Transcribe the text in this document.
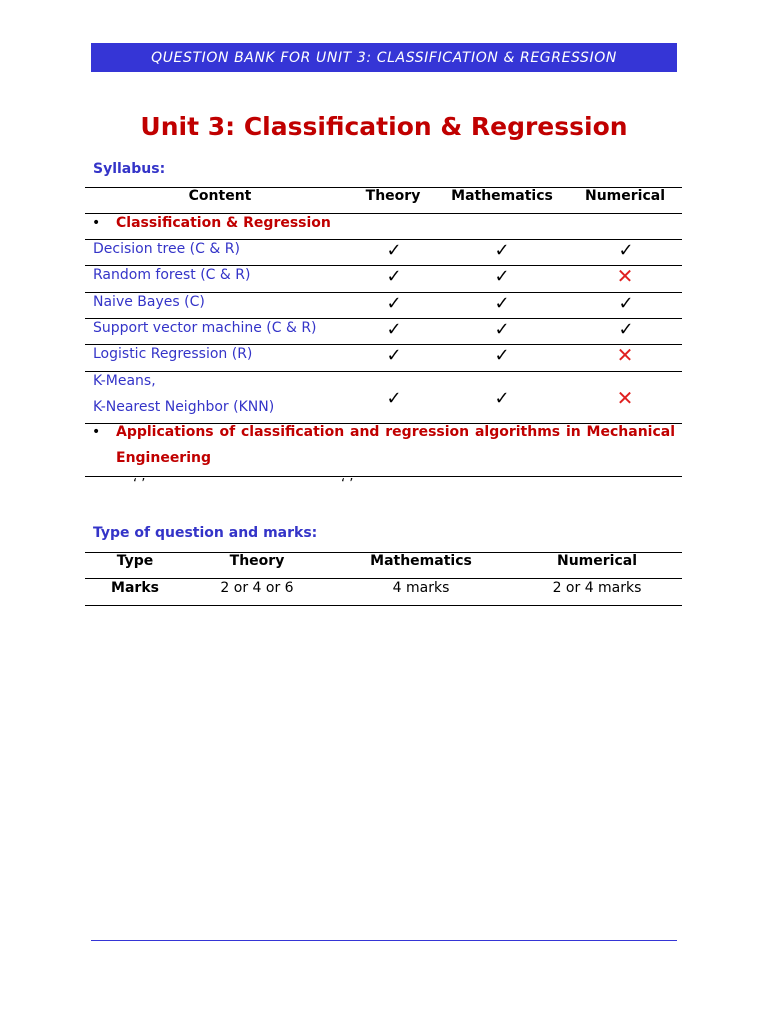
QUESTION BANK FOR UNIT 3: CLASSIFICATION & REGRESSION
Unit 3: Classification & Regression
Syllabus:
Content	Theory	Mathematics	Numerical
• Classification & Regression
Decision tree (C & R)	✓	✓	✓
Random forest (C & R)	✓	✓	✕
Naive Bayes (C)	✓	✓	✓
Support vector machine (C & R)	✓	✓	✓
Logistic Regression (R)	✓	✓	✕
K-Means,
K-Nearest Neighbor (KNN)	✓	✓	✕
• Applications of classification and regression algorithms in Mechanical
Engineering
‘ ’	‘ ’
Type of question and marks:
Type	Theory	Mathematics	Numerical
Marks	2 or 4 or 6	4 marks	2 or 4 marks
